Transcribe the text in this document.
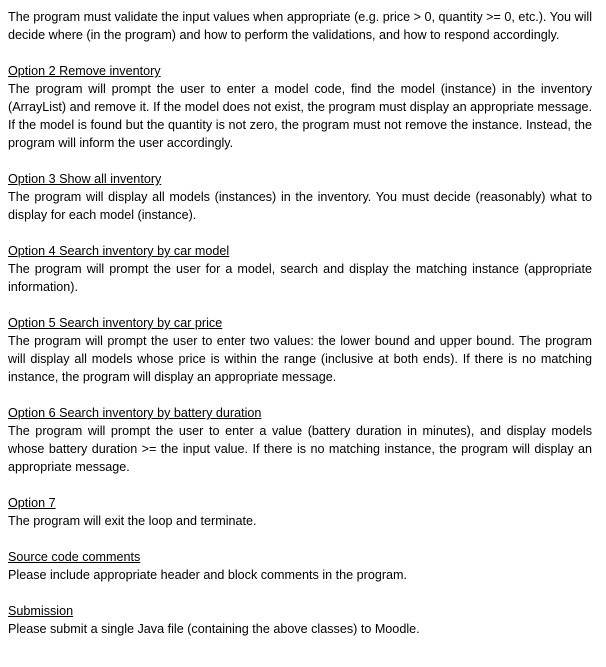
The program must validate the input values when appropriate (e.g. price > 0, quantity >= 0, etc.). You will decide where (in the program) and how to perform the validations, and how to respond accordingly.

Option 2 Remove inventory

The program will prompt the user to enter a model code, find the model (instance) in the inventory (ArrayList) and remove it. If the model does not exist, the program must display an appropriate message. If the model is found but the quantity is not zero, the program must not remove the instance. Instead, the program will inform the user accordingly.

Option 3 Show all inventory

The program will display all models (instances) in the inventory. You must decide (reasonably) what to display for each model (instance).

Option 4 Search inventory by car model

The program will prompt the user for a model, search and display the matching instance (appropriate information).

Option 5 Search inventory by car price

The program will prompt the user to enter two values: the lower bound and upper bound. The program will display all models whose price is within the range (inclusive at both ends). If there is no matching instance, the program will display an appropriate message.

Option 6 Search inventory by battery duration

The program will prompt the user to enter a value (battery duration in minutes), and display models whose battery duration >= the input value. If there is no matching instance, the program will display an appropriate message.

Option 7

The program will exit the loop and terminate.

Source code comments

Please include appropriate header and block comments in the program.

Submission

Please submit a single Java file (containing the above classes) to Moodle.
